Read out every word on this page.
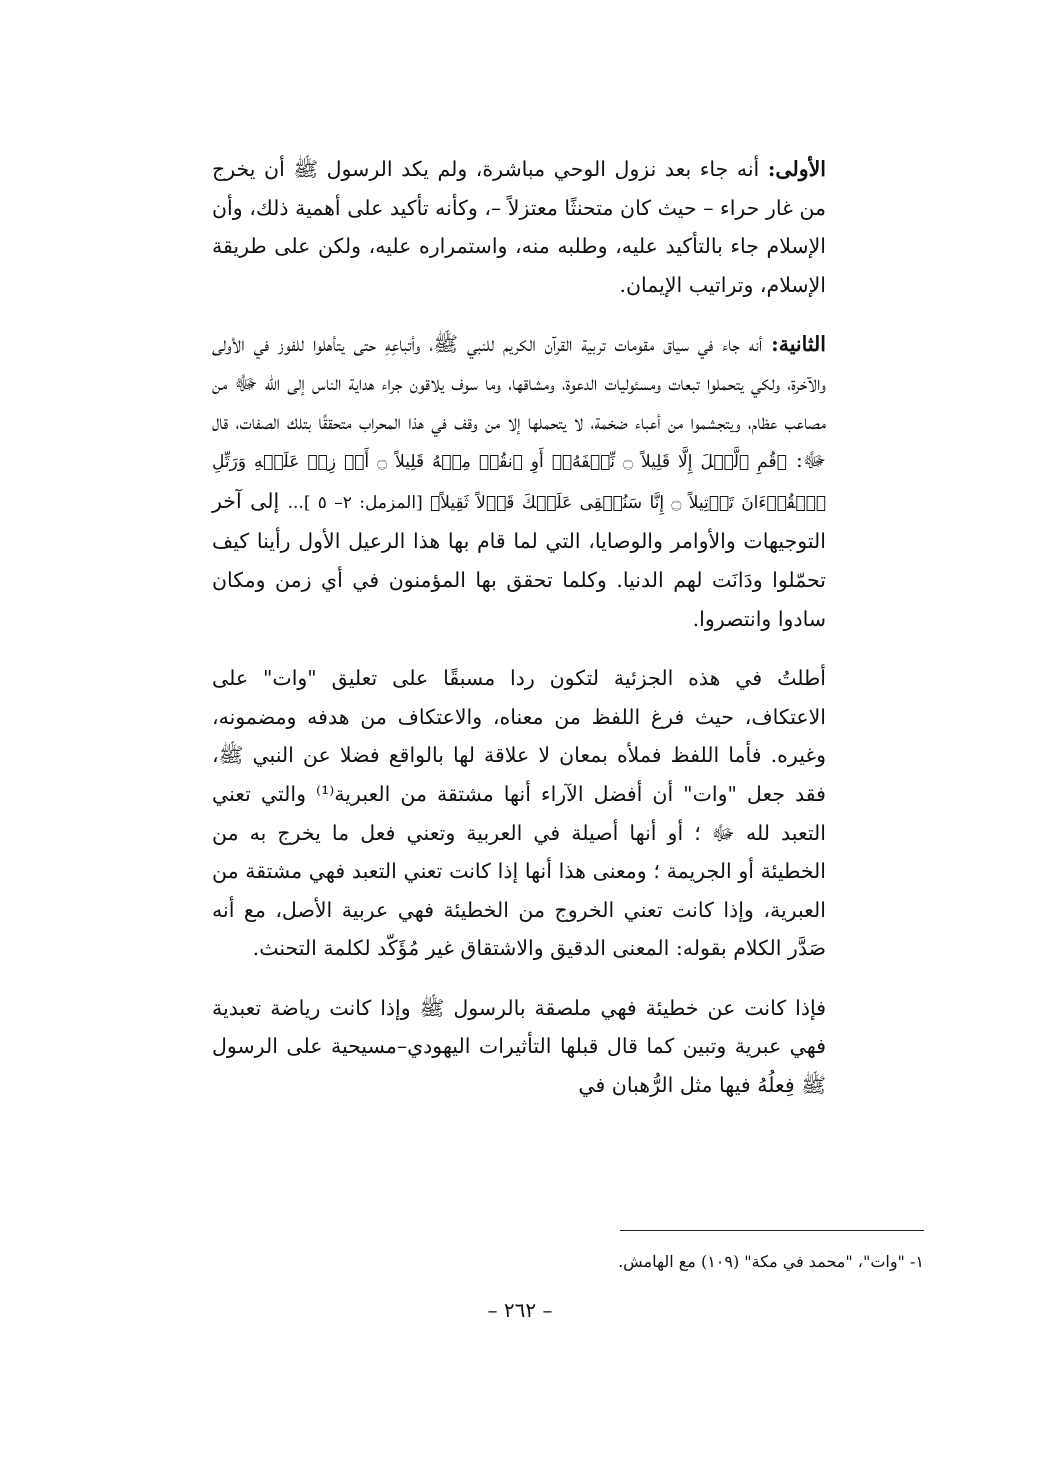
الأولى: أنه جاء بعد نزول الوحي مباشرة، ولم يكد الرسول ﷺ أن يخرج من غار حراء – حيث كان متحنثًا معتزلاً –، وكأنه تأكيد على أهمية ذلك، وأن الإسلام جاء بالتأكيد عليه، وطلبه منه، واستمراره عليه، ولكن على طريقة الإسلام، وتراتيب الإيمان.

الثانية: أنه جاء في سياق مقومات تربية القرآن الكريم للنبي ﷺ، وأتباعِهِ حتى يتأهلوا للفوز في الأولى والآخرة، ولكي يتحملوا تبعات ومسئوليات الدعوة، ومشاقها، وما سوف يلاقون جراء هداية الناس إلى الله ﷻ من مصاعب عظام، ويتجشموا من أعباء ضخمة، لا يتحملها إلا من وقف في هذا المحراب متحققًا بتلك الصفات، قال ﷻ: ﴿قُمِ ٱلَّيۡلَ إِلَّا قَلِيلاً ۝ نِّصۡفَهُۥٓ أَوِ ٱنقُصۡ مِنۡهُ قَلِيلاً ۝ أَوۡ زِدۡ عَلَيۡهِ وَرَتِّلِ ٱلۡقُرۡءَانَ تَرۡتِيلاً ۝ إِنَّا سَنُلۡقِى عَلَيۡكَ قَوۡلاً ثَقِيلاً﴾ [المزمل: ٢– ٥ ]... إلى آخر التوجيهات والأوامر والوصايا، التي لما قام بها هذا الرعيل الأول رأينا كيف تحمّلوا ودَانَت لهم الدنيا. وكلما تحقق بها المؤمنون في أي زمن ومكان سادوا وانتصروا.

أطلتُ في هذه الجزئية لتكون ردا مسبقًا على تعليق "وات" على الاعتكاف، حيث فرغ اللفظ من معناه، والاعتكاف من هدفه ومضمونه، وغيره. فأما اللفظ فملأه بمعان لا علاقة لها بالواقع فضلا عن النبي ﷺ، فقد جعل "وات" أن أفضل الآراء أنها مشتقة من العبرية⁽¹⁾ والتي تعني التعبد لله ﷻ ؛ أو أنها أصيلة في العربية وتعني فعل ما يخرج به من الخطيئة أو الجريمة ؛ ومعنى هذا أنها إذا كانت تعني التعبد فهي مشتقة من العبرية، وإذا كانت تعني الخروج من الخطيئة فهي عربية الأصل، مع أنه صَدَّر الكلام بقوله: المعنى الدقيق والاشتقاق غير مُؤَكّد لكلمة التحنث.

فإذا كانت عن خطيئة فهي ملصقة بالرسول ﷺ وإذا كانت رياضة تعبدية فهي عبرية وتبين كما قال قبلها التأثيرات اليهودي–مسيحية على الرسول ﷺ فِعلُهُ فيها مثل الرُّهبان في

١- "وات"، "محمد في مكة" (١٠٩) مع الهامش.
– ٢٦٢ –
